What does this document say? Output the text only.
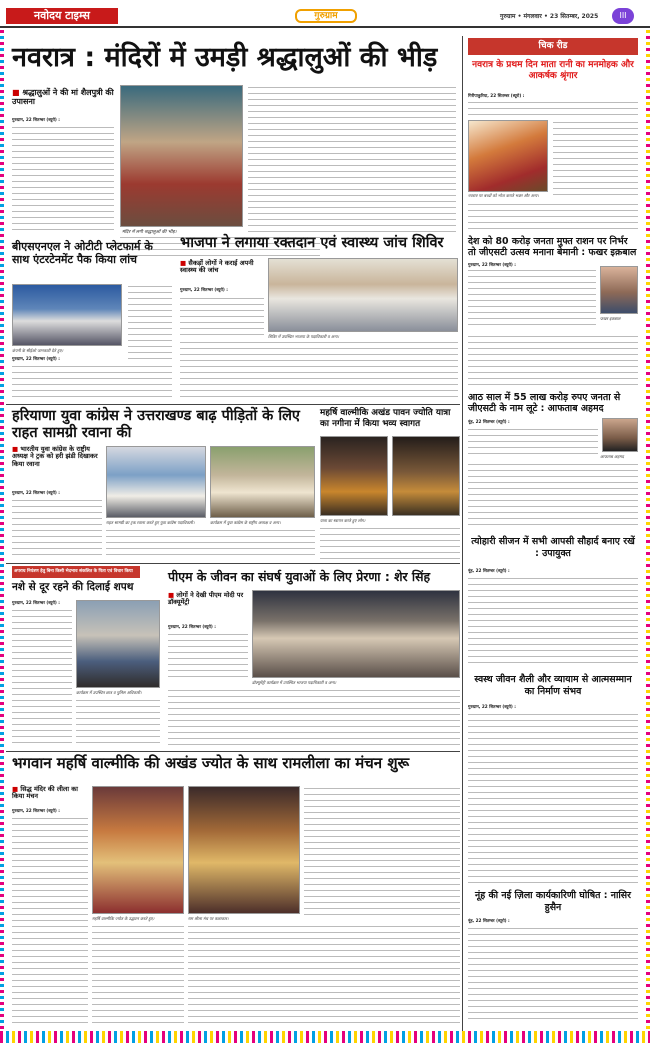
नवोदय टाइम्स	गुरुग्राम	गुरुग्राम • मंगलवार • 23 सितम्बर, 2025	III
नवरात्र : मंदिरों में उमड़ी श्रद्धालुओं की भीड़
■ श्रद्धालुओं ने की मां शैलपुत्री की उपासना
गुरुग्राम, 22 सितम्बर (ब्यूरो) :
मंदिर में लगी श्रद्धालुओं की भीड़।
चिक रीड
नवरात्र के प्रथम दिन माता रानी का मनमोहक और आकर्षक श्रृंगार
गिरीपाकुरिया, 22 सितम्बर (ब्यूरो) :
नवरात्र पर बच्चों को भोज कराते भक्त और अन्य।
देश को 80 करोड़ जनता मुफ्त राशन पर निर्भर तो जीएसटी उत्सव मनाना बेमानी : फखर इक़बाल
गुरुग्राम, 22 सितम्बर (ब्यूरो) :
फखर इकबाल
आठ साल में 55 लाख करोड़ रुपए जनता से जीएसटी के नाम लूटे : आफताब अहमद
नूंह, 22 सितम्बर (ब्यूरो) :
आफताब अहमद
त्योहारी सीजन में सभी आपसी सौहार्द बनाए रखें : उपायुक्त
नूंह, 22 सितम्बर (ब्यूरो) :
स्वस्थ जीवन शैली और व्यायाम से आत्मसम्मान का निर्माण संभव
गुरुग्राम, 22 सितम्बर (ब्यूरो) :
नूंह की नई ज़िला कार्यकारिणी घोषित : नासिर हुसैन
नूंह, 22 सितम्बर (ब्यूरो) :
बीएसएनएल ने ओटीटी प्लेटफार्म के साथ एंटरटेनमेंट पैक किया लांच
कंपनी के सीईओ जानकारी देते हुए।
गुरुग्राम, 22 सितम्बर (ब्यूरो) :
भाजपा ने लगाया रक्तदान एवं स्वास्थ्य जांच शिविर
■ सैकड़ों लोगों ने कराई अपनी स्वास्थ्य की जांच
गुरुग्राम, 22 सितम्बर (ब्यूरो) :
शिविर में उपस्थित भाजपा के पदाधिकारी व अन्य।
हरियाणा युवा कांग्रेस ने उत्तराखण्ड बाढ़ पीड़ितों के लिए राहत सामग्री रवाना की
■ भारतीय युवा कांग्रेस के राष्ट्रीय अध्यक्ष ने ट्रक को हरी झंडी दिखाकर किया रवाना
गुरुग्राम, 22 सितम्बर (ब्यूरो) :
राहत सामग्री का ट्रक रवाना करते हुए युवा कांग्रेस पदाधिकारी।	कार्यक्रम में युवा कांग्रेस के राष्ट्रीय अध्यक्ष व अन्य।
महर्षि वाल्मीकि अखंड पावन ज्योति यात्रा का नगीना में किया भव्य स्वागत
यात्रा का स्वागत करते हुए लोग।
अपराध नियंत्रण हेतु बिना किसी भेदभाव संकलित के पिता एवं विचार किया
नशे से दूर रहने की दिलाई शपथ
गुरुग्राम, 22 सितम्बर (ब्यूरो) :
कार्यक्रम में उपस्थित छात्र व पुलिस अधिकारी।
पीएम के जीवन का संघर्ष युवाओं के लिए प्रेरणा : शेर सिंह
■ लोगों ने देखी पीएम मोदी पर डॉक्यूमेंट्री
गुरुग्राम, 22 सितम्बर (ब्यूरो) :
डॉक्यूमेंट्री कार्यक्रम में उपस्थित भाजपा पदाधिकारी व अन्य।
भगवान महर्षि वाल्मीकि की अखंड ज्योत के साथ रामलीला का मंचन शुरू
■ सिद्ध मंदिर की लीला का किया मंचन
गुरुग्राम, 22 सितम्बर (ब्यूरो) :
महर्षि वाल्मीकि ज्योत के उद्घाटन करते हुए।	राम लीला मंच पर कलाकार।
